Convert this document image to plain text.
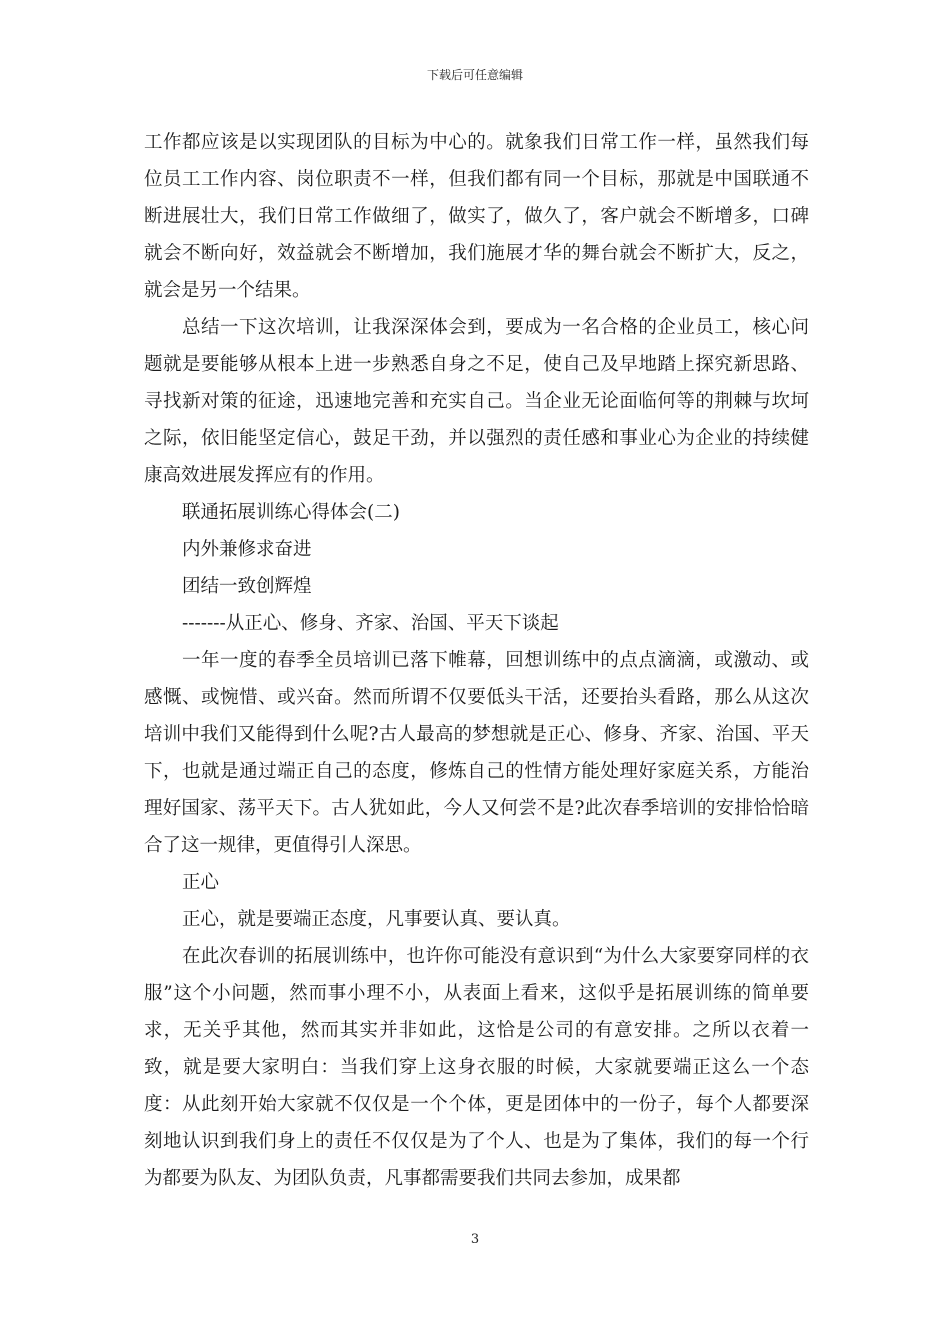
下载后可任意编辑

工作都应该是以实现团队的目标为中心的。就象我们日常工作一样，虽然我们每位员工工作内容、岗位职责不一样，但我们都有同一个目标，那就是中国联通不断进展壮大，我们日常工作做细了，做实了，做久了，客户就会不断增多，口碑就会不断向好，效益就会不断增加，我们施展才华的舞台就会不断扩大，反之，就会是另一个结果。

总结一下这次培训，让我深深体会到，要成为一名合格的企业员工，核心问题就是要能够从根本上进一步熟悉自身之不足，使自己及早地踏上探究新思路、寻找新对策的征途，迅速地完善和充实自己。当企业无论面临何等的荆棘与坎坷之际，依旧能坚定信心，鼓足干劲，并以强烈的责任感和事业心为企业的持续健康高效进展发挥应有的作用。

联通拓展训练心得体会(二)

内外兼修求奋进

团结一致创辉煌

-------从正心、修身、齐家、治国、平天下谈起

一年一度的春季全员培训已落下帷幕，回想训练中的点点滴滴，或激动、或感慨、或惋惜、或兴奋。然而所谓不仅要低头干活，还要抬头看路，那么从这次培训中我们又能得到什么呢?古人最高的梦想就是正心、修身、齐家、治国、平天下，也就是通过端正自己的态度，修炼自己的性情方能处理好家庭关系，方能治理好国家、荡平天下。古人犹如此，今人又何尝不是?此次春季培训的安排恰恰暗合了这一规律，更值得引人深思。

正心

正心，就是要端正态度，凡事要认真、要认真。

在此次春训的拓展训练中，也许你可能没有意识到“为什么大家要穿同样的衣服”这个小问题，然而事小理不小，从表面上看来，这似乎是拓展训练的简单要求，无关乎其他，然而其实并非如此，这恰是公司的有意安排。之所以衣着一致，就是要大家明白：当我们穿上这身衣服的时候，大家就要端正这么一个态度：从此刻开始大家就不仅仅是一个个体，更是团体中的一份子，每个人都要深刻地认识到我们身上的责任不仅仅是为了个人、也是为了集体，我们的每一个行为都要为队友、为团队负责，凡事都需要我们共同去参加，成果都

3
